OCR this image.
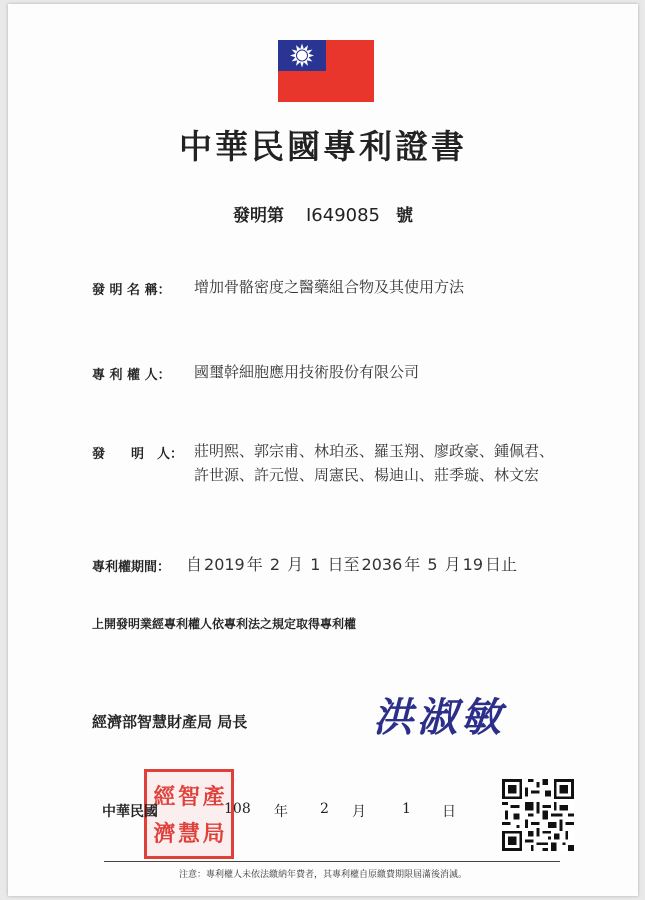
中華民國專利證書
發明第 I649085 號
發 明 名 稱： 增加骨骼密度之醫藥組合物及其使用方法
專 利 權 人： 國璽幹細胞應用技術股份有限公司
發　　明　人： 莊明熙、郭宗甫、林珀丞、羅玉翔、廖政豪、鍾佩君、
許世源、許元愷、周憲民、楊迪山、莊季璇、林文宏
專利權期間： 自 2019 年 2 月 1 日至 2036 年 5 月 19 日止
上開發明業經專利權人依專利法之規定取得專利權
經濟部智慧財產局 局長	洪淑敏
經 智 產
濟 慧 局
中華民國	108 年 2 月	1 日
注意：專利權人未依法繳納年費者，其專利權自原繳費期限屆滿後消滅。
